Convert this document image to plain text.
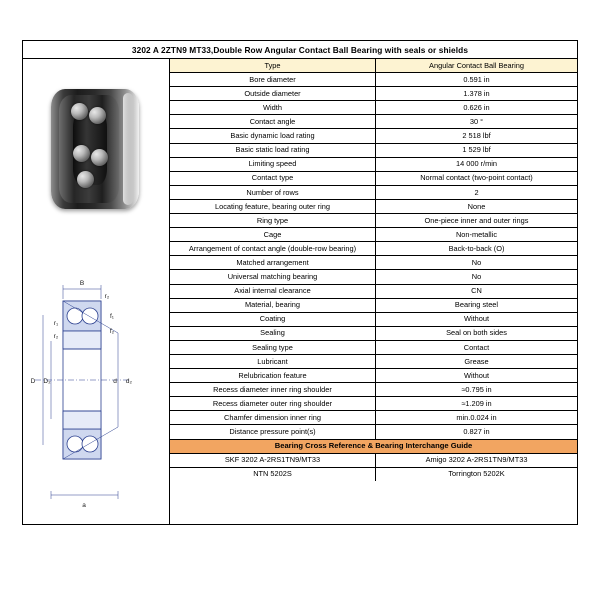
3202 A 2ZTN9 MT33,Double Row Angular Contact Ball Bearing with seals or shields
B
r₂
r₁
r₂
f₁
f₂
D D₂	d d₂
a
Type	Angular Contact Ball Bearing
Bore diameter	0.591 in
Outside diameter	1.378 in
Width	0.626 in
Contact angle	30 °
Basic dynamic load rating	2 518 lbf
Basic static load rating	1 529 lbf
Limiting speed	14 000 r/min
Contact type	Normal contact (two-point contact)
Number of rows	2
Locating feature, bearing outer ring	None
Ring type	One-piece inner and outer rings
Cage	Non-metallic
Arrangement of contact angle (double-row bearing)	Back-to-back (O)
Matched arrangement	No
Universal matching bearing	No
Axial internal clearance	CN
Material, bearing	Bearing steel
Coating	Without
Sealing	Seal on both sides
Sealing type	Contact
Lubricant	Grease
Relubrication feature	Without
Recess diameter inner ring shoulder	≈0.795 in
Recess diameter outer ring shoulder	≈1.209 in
Chamfer dimension inner ring	min.0.024 in
Distance pressure point(s)	0.827 in
Bearing Cross Reference & Bearing Interchange Guide	
SKF 3202 A-2RS1TN9/MT33	Amigo 3202 A-2RS1TN9/MT33
NTN 5202S	Torrington 5202K
